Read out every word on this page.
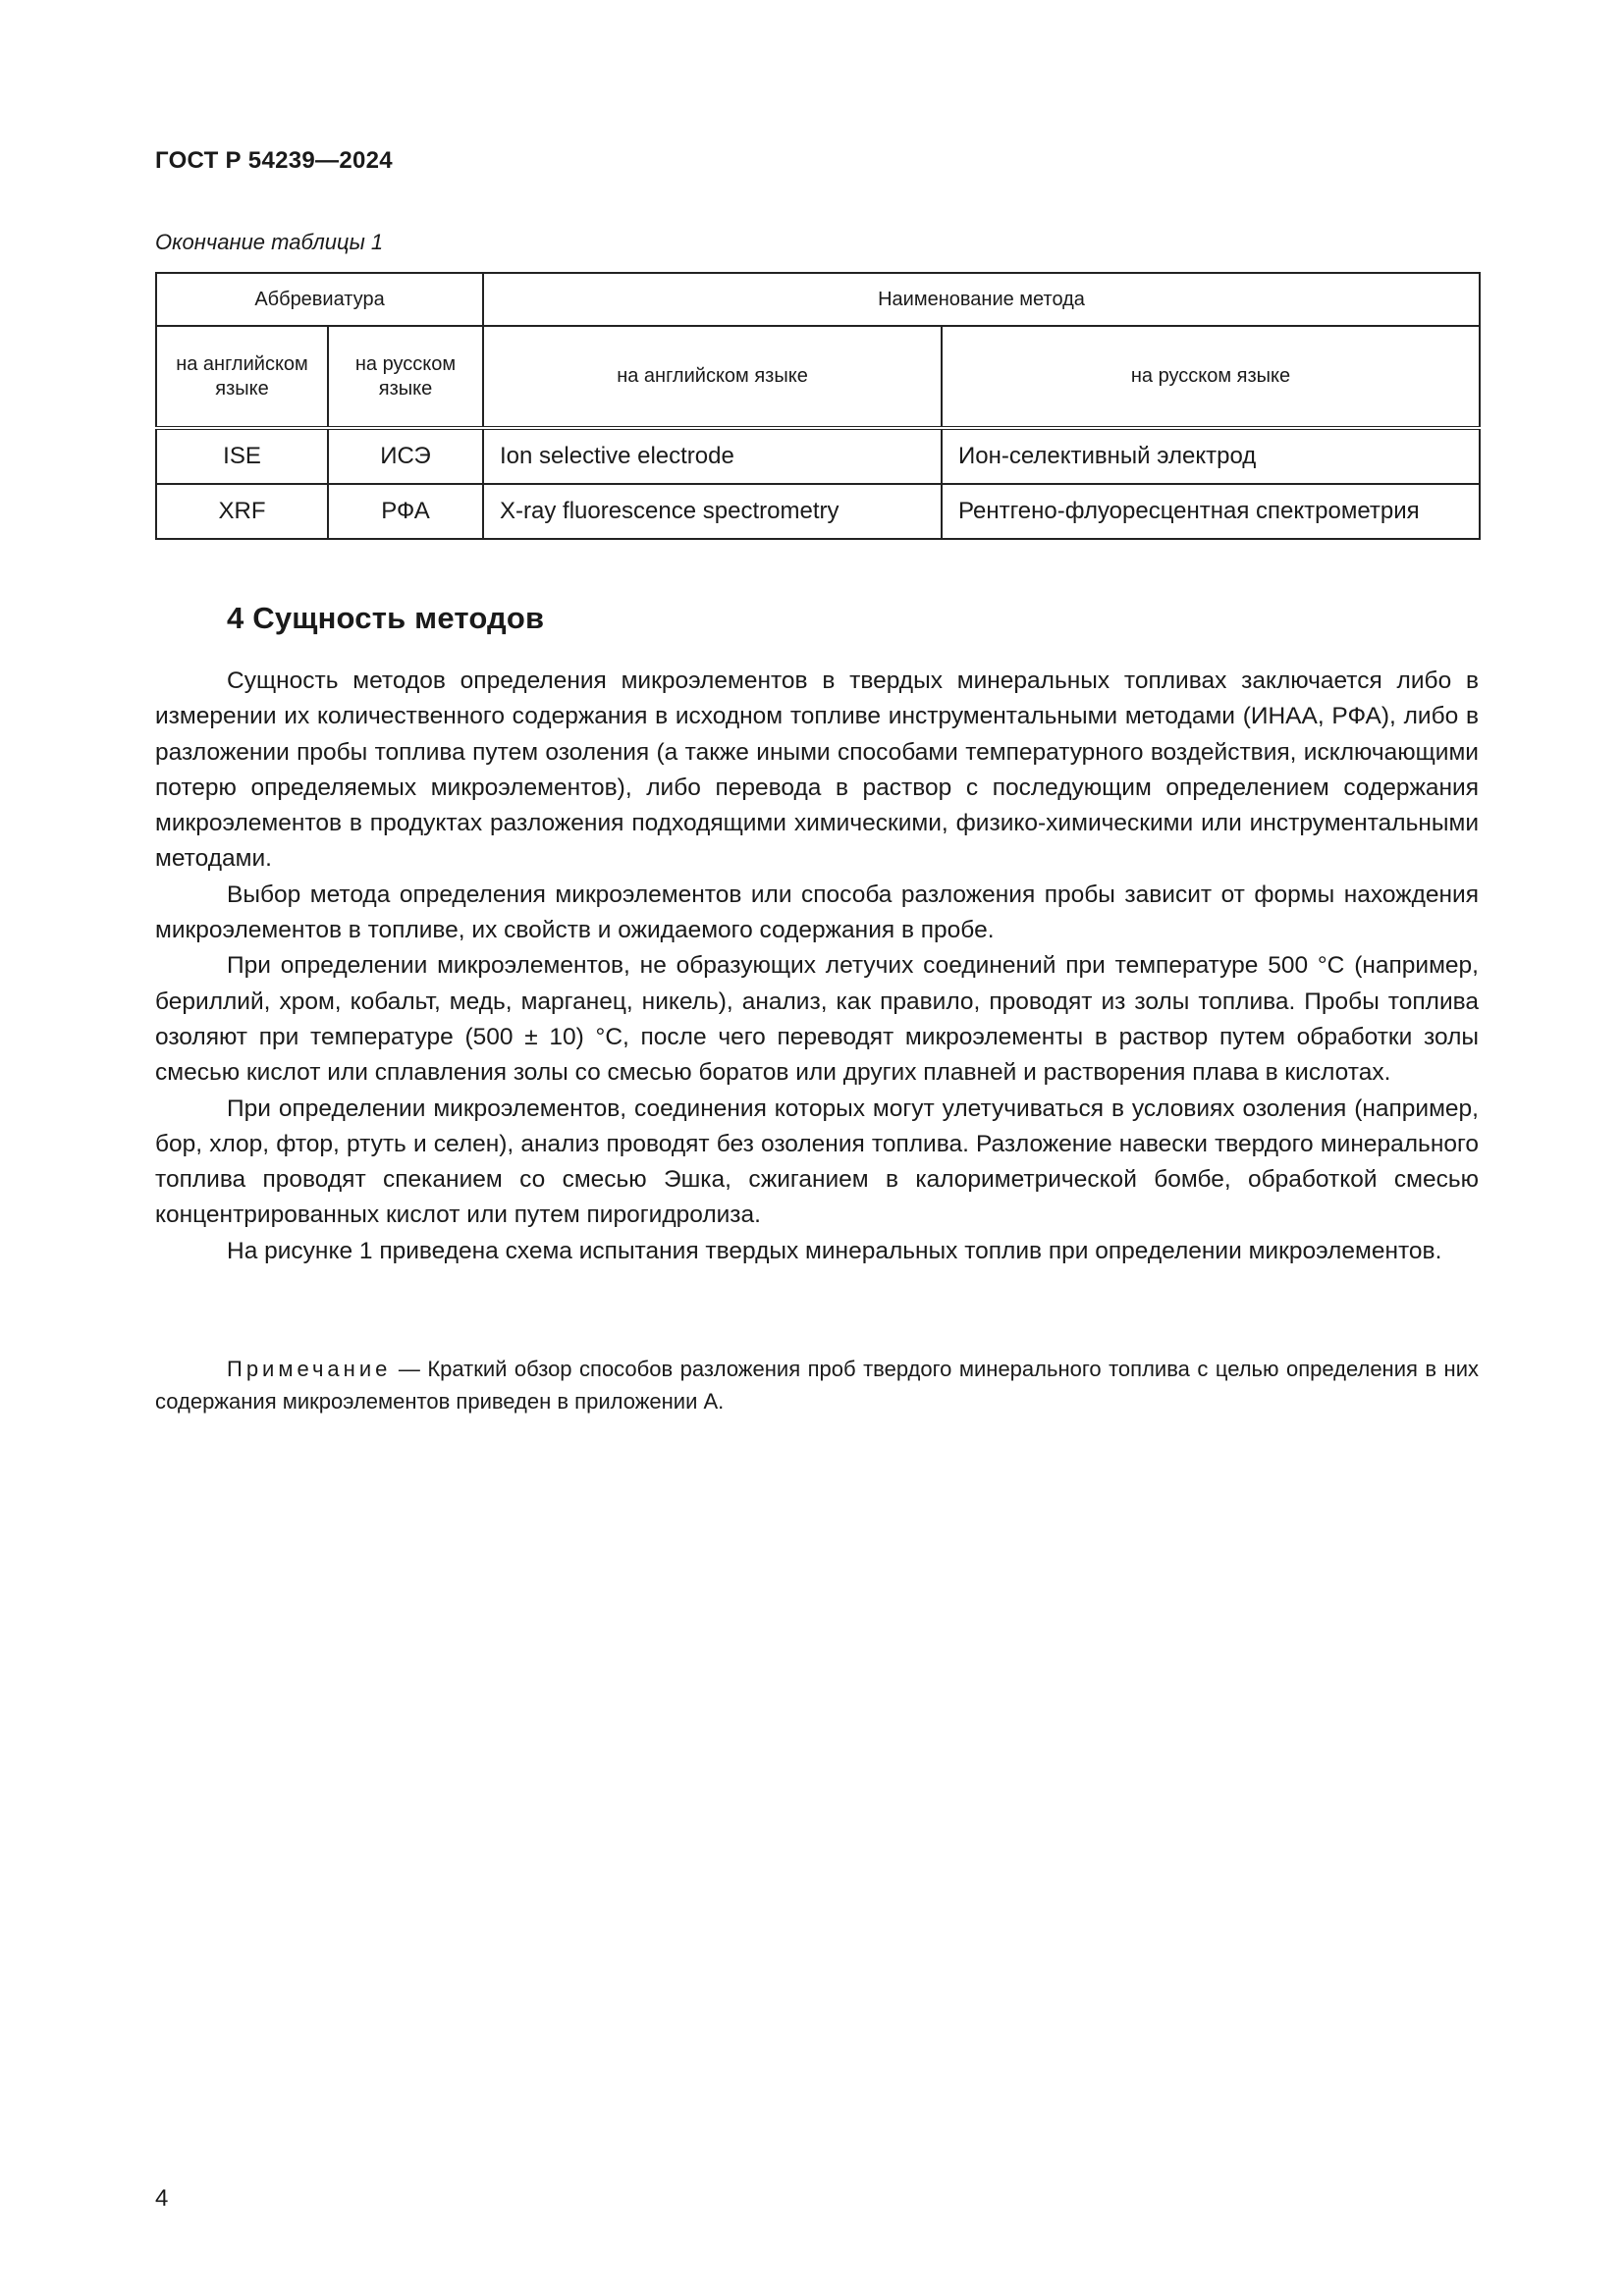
ГОСТ Р 54239—2024
Окончание таблицы 1
Аббревиатура		Наименование метода	
на английском языке	на русском языке	на английском языке	на русском языке
ISE	ИСЭ	Ion selective electrode	Ион-селективный электрод
XRF	РФА	X-ray fluorescence spectrometry	Рентгено-флуоресцентная спектрометрия
4 Сущность методов

Сущность методов определения микроэлементов в твердых минеральных топливах заключается либо в измерении их количественного содержания в исходном топливе инструментальными методами (ИНАА, РФА), либо в разложении пробы топлива путем озоления (а также иными способами температурного воздействия, исключающими потерю определяемых микроэлементов), либо перевода в раствор с последующим определением содержания микроэлементов в продуктах разложения подходящими химическими, физико-химическими или инструментальными методами.

Выбор метода определения микроэлементов или способа разложения пробы зависит от формы нахождения микроэлементов в топливе, их свойств и ожидаемого содержания в пробе.

При определении микроэлементов, не образующих летучих соединений при температуре 500 °С (например, бериллий, хром, кобальт, медь, марганец, никель), анализ, как правило, проводят из золы топлива. Пробы топлива озоляют при температуре (500 ± 10) °С, после чего переводят микроэлементы в раствор путем обработки золы смесью кислот или сплавления золы со смесью боратов или других плавней и растворения плава в кислотах.

При определении микроэлементов, соединения которых могут улетучиваться в условиях озоления (например, бор, хлор, фтор, ртуть и селен), анализ проводят без озоления топлива. Разложение навески твердого минерального топлива проводят спеканием со смесью Эшка, сжиганием в калориметрической бомбе, обработкой смесью концентрированных кислот или путем пирогидролиза.

На рисунке 1 приведена схема испытания твердых минеральных топлив при определении микроэлементов.

Примечание — Краткий обзор способов разложения проб твердого минерального топлива с целью определения в них содержания микроэлементов приведен в приложении А.
4
